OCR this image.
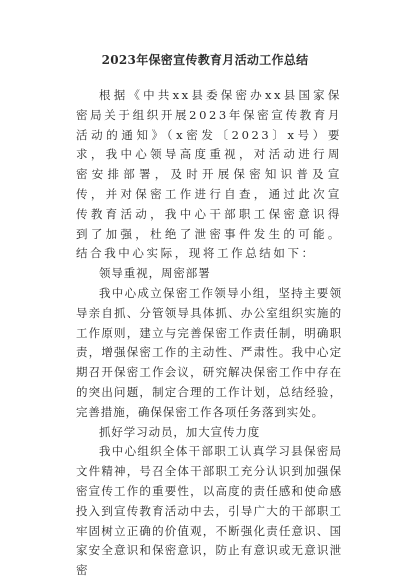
2023年保密宣传教育月活动工作总结

根据《中共xx县委保密办xx县国家保密局关于组织开展2023年保密宣传教育月活动的通知》（x密发〔2023〕x号）要求，我中心领导高度重视，对活动进行周密安排部署，及时开展保密知识普及宣传，并对保密工作进行自查，通过此次宣传教育活动，我中心干部职工保密意识得到了加强，杜绝了泄密事件发生的可能。结合我中心实际，现将工作总结如下：

领导重视，周密部署

我中心成立保密工作领导小组，坚持主要领导亲自抓、分管领导具体抓、办公室组织实施的工作原则，建立与完善保密工作责任制，明确职责，增强保密工作的主动性、严肃性。我中心定期召开保密工作会议，研究解决保密工作中存在的突出问题，制定合理的工作计划，总结经验，完善措施，确保保密工作各项任务落到实处。

抓好学习动员，加大宣传力度

我中心组织全体干部职工认真学习县保密局文件精神，号召全体干部职工充分认识到加强保密宣传工作的重要性，以高度的责任感和使命感投入到宣传教育活动中去，引导广大的干部职工牢固树立正确的价值观，不断强化责任意识、国家安全意识和保密意识，防止有意识或无意识泄密
